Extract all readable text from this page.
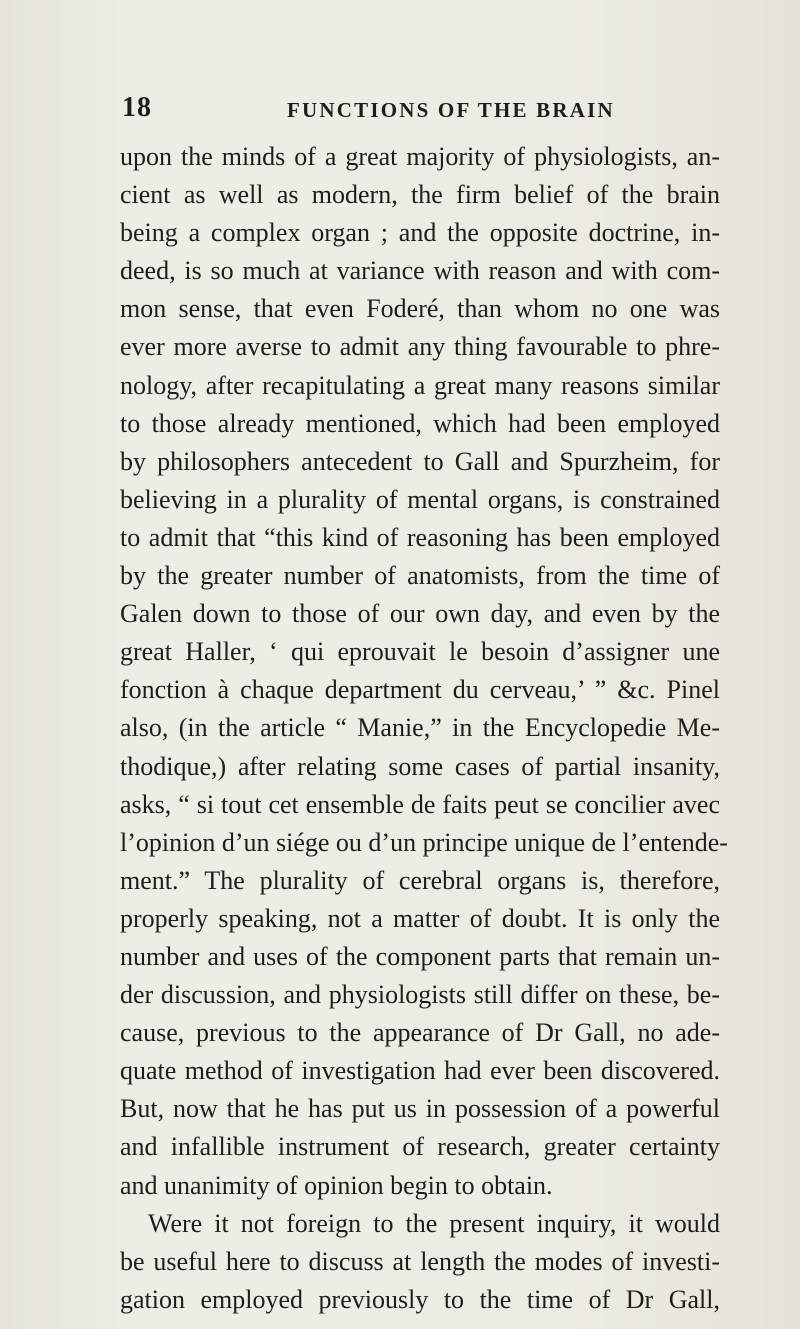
18	FUNCTIONS OF THE BRAIN
upon the minds of a great majority of physiologists, an-
cient as well as modern, the firm belief of the brain
being a complex organ ; and the opposite doctrine, in-
deed, is so much at variance with reason and with com-
mon sense, that even Foderé, than whom no one was
ever more averse to admit any thing favourable to phre-
nology, after recapitulating a great many reasons similar
to those already mentioned, which had been employed
by philosophers antecedent to Gall and Spurzheim, for
believing in a plurality of mental organs, is constrained
to admit that “this kind of reasoning has been employed
by the greater number of anatomists, from the time of
Galen down to those of our own day, and even by the
great Haller, ‘ qui eprouvait le besoin d’assigner une
fonction à chaque department du cerveau,’ ” &c. Pinel
also, (in the article “ Manie,” in the Encyclopedie Me-
thodique,) after relating some cases of partial insanity,
asks, “ si tout cet ensemble de faits peut se concilier avec
l’opinion d’un siége ou d’un principe unique de l’entende-
ment.” The plurality of cerebral organs is, therefore,
properly speaking, not a matter of doubt. It is only the
number and uses of the component parts that remain un-
der discussion, and physiologists still differ on these, be-
cause, previous to the appearance of Dr Gall, no ade-
quate method of investigation had ever been discovered.
But, now that he has put us in possession of a powerful
and infallible instrument of research, greater certainty
and unanimity of opinion begin to obtain.
Were it not foreign to the present inquiry, it would
be useful here to discuss at length the modes of investi-
gation employed previously to the time of Dr Gall,
